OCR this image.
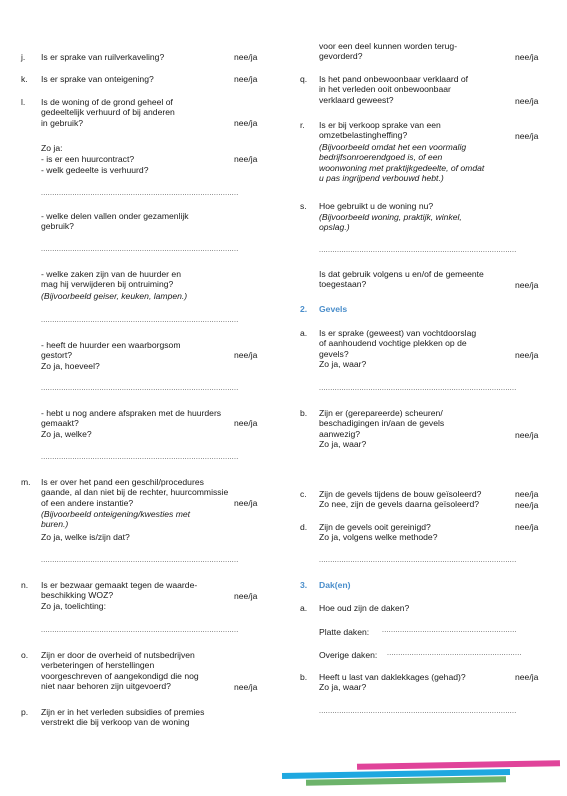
j.	Is er sprake van ruilverkaveling?	nee/ja
k.	Is er sprake van onteigening?	nee/ja
l.	Is de woning of de grond geheel of
gedeeltelijk verhuurd of bij anderen
in gebruik?	nee/ja
Zo ja:
- is er een huurcontract?	nee/ja
- welk gedeelte is verhuurd?
........................................................................................
- welke delen vallen onder gezamenlijk
gebruik?
........................................................................................
- welke zaken zijn van de huurder en
mag hij verwijderen bij ontruiming?
(Bijvoorbeeld geiser, keuken, lampen.)
........................................................................................
- heeft de huurder een waarborgsom
gestort?
Zo ja, hoeveel?
nee/ja
........................................................................................
- hebt u nog andere afspraken met de huurders
gemaakt?
Zo ja, welke?
nee/ja
........................................................................................
m.	Is er over het pand een geschil/procedures
gaande, al dan niet bij de rechter, huurcommissie
of een andere instantie?	nee/ja
(Bijvoorbeeld onteigening/kwesties met
buren.)
Zo ja, welke is/zijn dat?
........................................................................................
n.	Is er bezwaar gemaakt tegen de waarde-
beschikking WOZ?
Zo ja, toelichting:
nee/ja
........................................................................................
o.	Zijn er door de overheid of nutsbedrijven
verbeteringen of herstellingen
voorgeschreven of aangekondigd die nog
niet naar behoren zijn uitgevoerd?	nee/ja
p.	Zijn er in het verleden subsidies of premies
verstrekt die bij verkoop van de woning
voor een deel kunnen worden terug-
gevorderd?	nee/ja
q.	Is het pand onbewoonbaar verklaard of
in het verleden ooit onbewoonbaar
verklaard geweest?	nee/ja
r.	Is er bij verkoop sprake van een
omzetbelastingheffing?	nee/ja
(Bijvoorbeeld omdat het een voormalig
bedrijfsonroerendgoed is, of een
woonwoning met praktijkgedeelte, of omdat
u pas ingrijpend verbouwd hebt.)
s.	Hoe gebruikt u de woning nu?
(Bijvoorbeeld woning, praktijk, winkel,
opslag.)
........................................................................................
Is dat gebruik volgens u en/of de gemeente
toegestaan?	nee/ja
2. Gevels
a.	Is er sprake (geweest) van vochtdoorslag
of aanhoudend vochtige plekken op de
gevels?
Zo ja, waar?
nee/ja
........................................................................................
b.	Zijn er (gerepareerde) scheuren/
beschadigingen in/aan de gevels
aanwezig?
Zo ja, waar?
nee/ja
c.	Zijn de gevels tijdens de bouw geïsoleerd?
Zo nee, zijn de gevels daarna geïsoleerd?
nee/ja
nee/ja
d.	Zijn de gevels ooit gereinigd?
Zo ja, volgens welke methode?
nee/ja
........................................................................................
3. Dak(en)
a.	Hoe oud zijn de daken?
Platte daken: ............................................................
Overige daken: ............................................................
b.	Heeft u last van daklekkages (gehad)?
Zo ja, waar?
nee/ja
........................................................................................
